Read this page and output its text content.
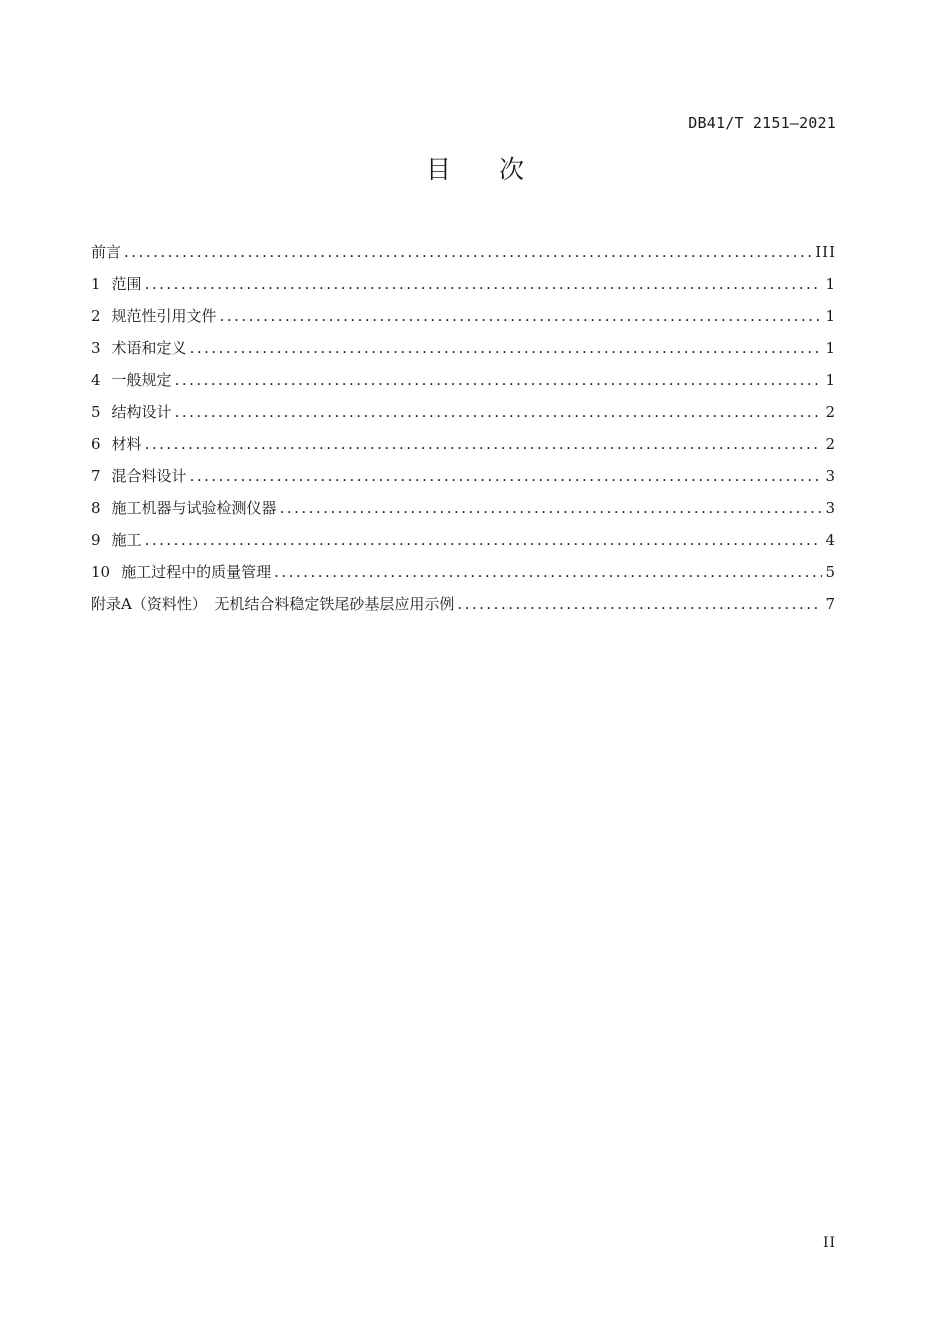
DB41/T 2151—2021
目次
前言 .....	III
1 范围 .....	1
2 规范性引用文件 .....	1
3 术语和定义 .....	1
4 一般规定 .....	1
5 结构设计 .....	2
6 材料 .....	2
7 混合料设计 .....	3
8 施工机器与试验检测仪器 .....	3
9 施工 .....	4
10 施工过程中的质量管理 .....	5
附录A（资料性）　无机结合料稳定铁尾砂基层应用示例 .....	7
II
